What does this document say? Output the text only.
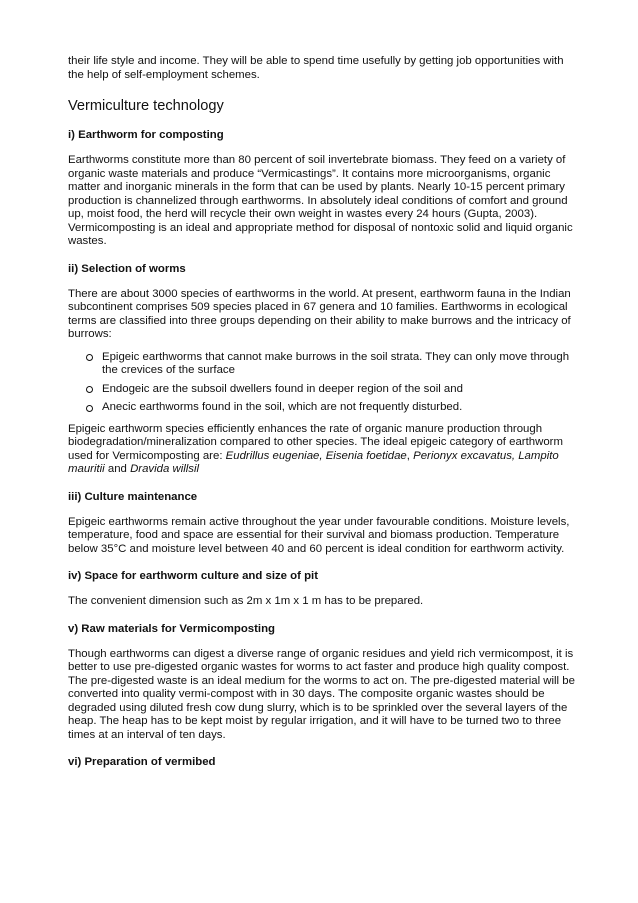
their life style and income. They will be able to spend time usefully by getting job opportunities with the help of self-employment schemes.

Vermiculture technology
i) Earthworm for composting

Earthworms constitute more than 80 percent of soil invertebrate biomass. They feed on a variety of organic waste materials and produce “Vermicastings”. It contains more microorganisms, organic matter and inorganic minerals in the form that can be used by plants. Nearly 10-15 percent primary production is channelized through earthworms. In absolutely ideal conditions of comfort and ground up, moist food, the herd will recycle their own weight in wastes every 24 hours (Gupta, 2003). Vermicomposting is an ideal and appropriate method for disposal of nontoxic solid and liquid organic wastes.

ii) Selection of worms

There are about 3000 species of earthworms in the world. At present, earthworm fauna in the Indian subcontinent comprises 509 species placed in 67 genera and 10 families. Earthworms in ecological terms are classified into three groups depending on their ability to make burrows and the intricacy of burrows:

Epigeic earthworms that cannot make burrows in the soil strata. They can only move through the crevices of the surface
Endogeic are the subsoil dwellers found in deeper region of the soil and
Anecic earthworms found in the soil, which are not frequently disturbed.

Epigeic earthworm species efficiently enhances the rate of organic manure production through biodegradation/mineralization compared to other species. The ideal epigeic category of earthworm used for Vermicomposting are: Eudrillus eugeniae, Eisenia foetidae, Perionyx excavatus, Lampito mauritii and Dravida willsil

iii) Culture maintenance

Epigeic earthworms remain active throughout the year under favourable conditions. Moisture levels, temperature, food and space are essential for their survival and biomass production. Temperature below 35°C and moisture level between 40 and 60 percent is ideal condition for earthworm activity.

iv) Space for earthworm culture and size of pit

The convenient dimension such as 2m x 1m x 1 m has to be prepared.

v) Raw materials for Vermicomposting

Though earthworms can digest a diverse range of organic residues and yield rich vermicompost, it is better to use pre-digested organic wastes for worms to act faster and produce high quality compost. The pre-digested waste is an ideal medium for the worms to act on. The pre-digested material will be converted into quality vermi-compost with in 30 days. The composite organic wastes should be degraded using diluted fresh cow dung slurry, which is to be sprinkled over the several layers of the heap. The heap has to be kept moist by regular irrigation, and it will have to be turned two to three times at an interval of ten days.

vi) Preparation of vermibed
